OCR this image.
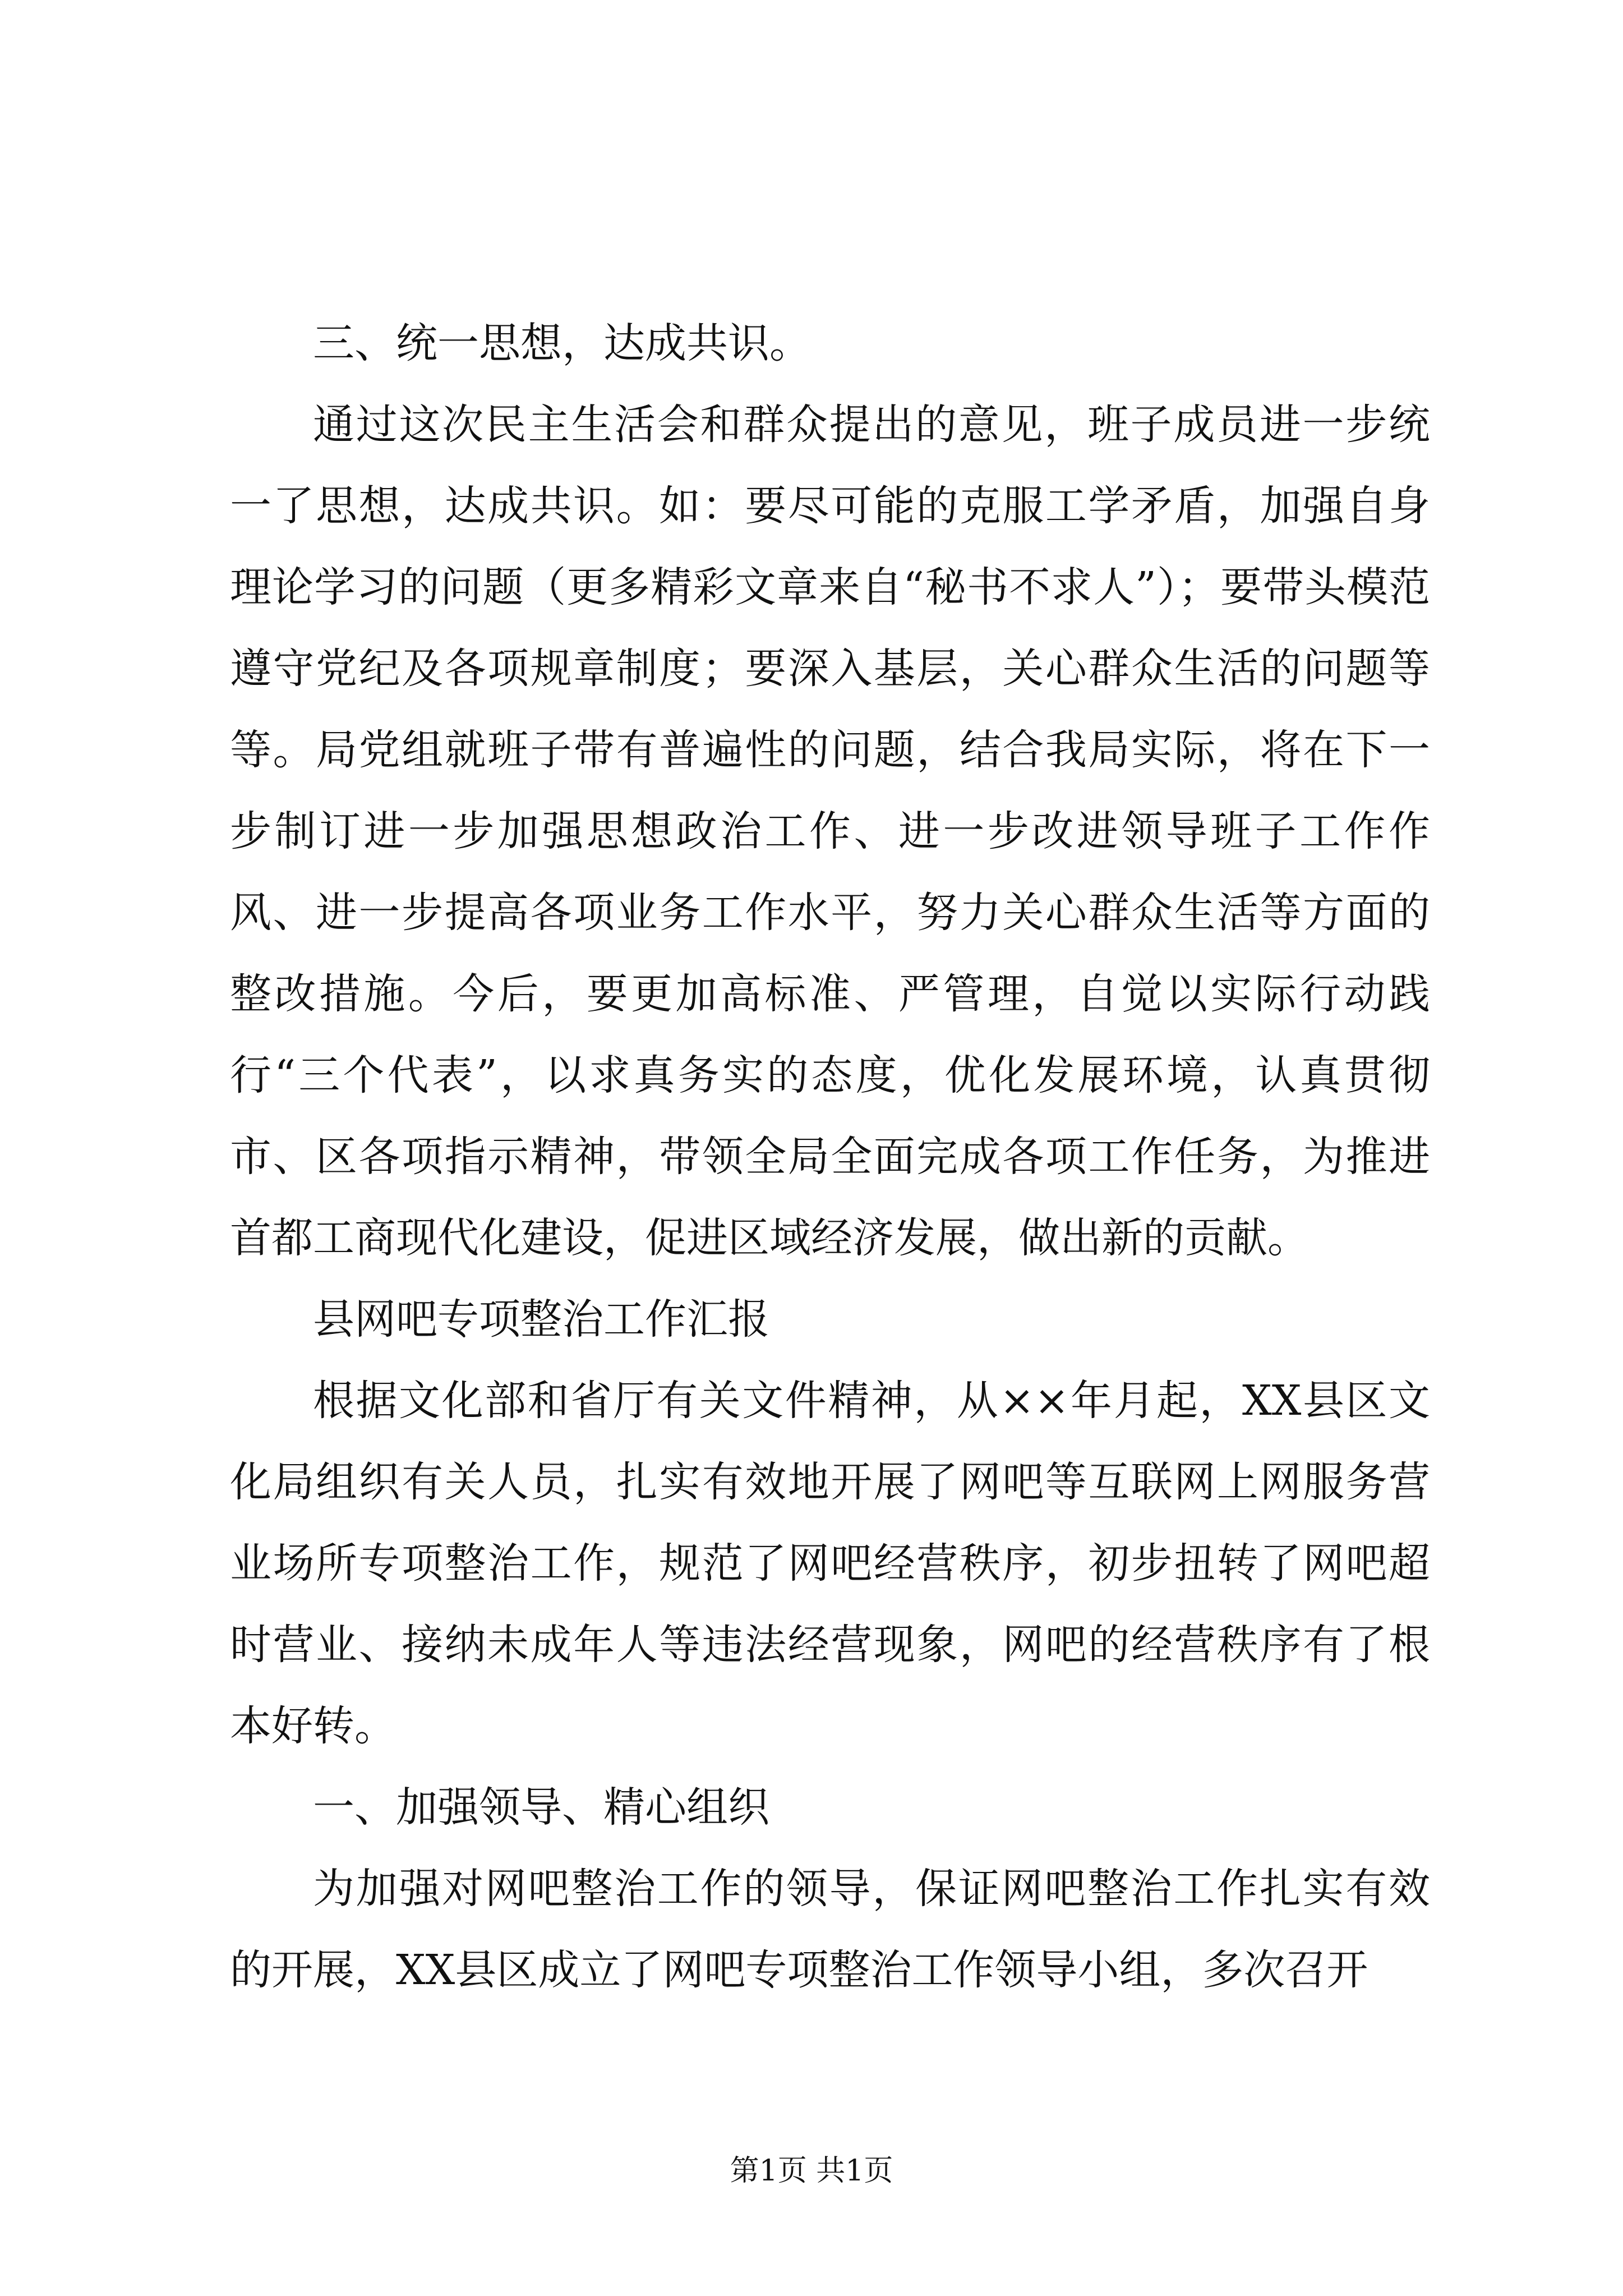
三、统一思想，达成共识。

通过这次民主生活会和群众提出的意见，班子成员进一步统一了思想，达成共识。如：要尽可能的克服工学矛盾，加强自身理论学习的问题（更多精彩文章来自“秘书不求人”）；要带头模范遵守党纪及各项规章制度；要深入基层，关心群众生活的问题等等。局党组就班子带有普遍性的问题，结合我局实际，将在下一步制订进一步加强思想政治工作、进一步改进领导班子工作作风、进一步提高各项业务工作水平，努力关心群众生活等方面的整改措施。今后，要更加高标准、严管理，自觉以实际行动践行“三个代表”，以求真务实的态度，优化发展环境，认真贯彻市、区各项指示精神，带领全局全面完成各项工作任务，为推进首都工商现代化建设，促进区域经济发展，做出新的贡献。

县网吧专项整治工作汇报

根据文化部和省厅有关文件精神，从××年月起，XX县区文化局组织有关人员，扎实有效地开展了网吧等互联网上网服务营业场所专项整治工作，规范了网吧经营秩序，初步扭转了网吧超时营业、接纳未成年人等违法经营现象，网吧的经营秩序有了根本好转。

一、加强领导、精心组织

为加强对网吧整治工作的领导，保证网吧整治工作扎实有效的开展，XX县区成立了网吧专项整治工作领导小组，多次召开

第1页 共1页
